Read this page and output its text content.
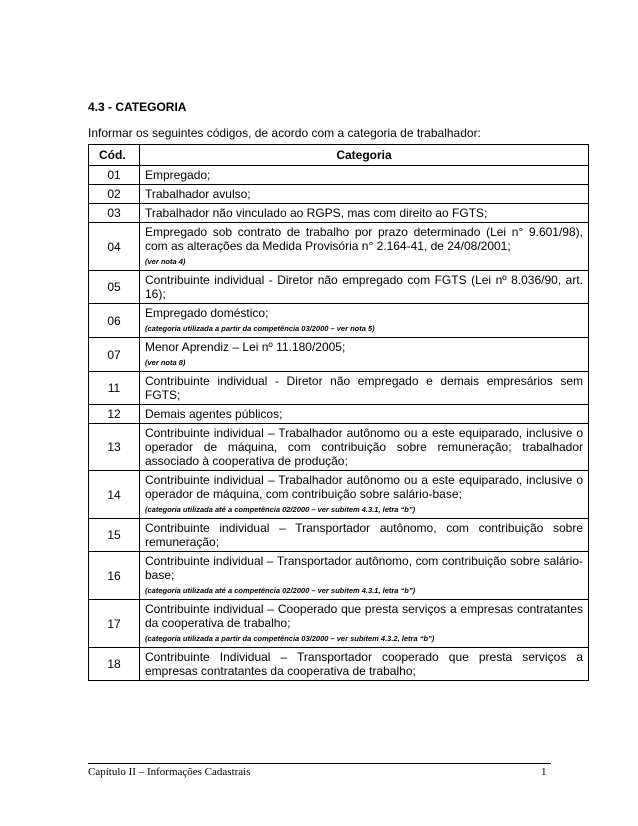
4.3 - CATEGORIA
Informar os seguintes códigos, de acordo com a categoria de trabalhador:
Cód.	Categoria
01	Empregado;
02	Trabalhador avulso;
03	Trabalhador não vinculado ao RGPS, mas com direito ao FGTS;
04	Empregado sob contrato de trabalho por prazo determinado (Lei n° 9.601/98), com as alterações da Medida Provisória n° 2.164-41, de 24/08/2001;
(ver nota 4)

05	Contribuinte individual - Diretor não empregado com FGTS (Lei nº 8.036/90, art. 16);
06	Empregado doméstico;
(categoria utilizada a partir da competência 03/2000 – ver nota 5)

07	Menor Aprendiz – Lei nº 11.180/2005;
(ver nota 8)

11	Contribuinte individual - Diretor não empregado e demais empresários sem FGTS;
12	Demais agentes públicos;
13	Contribuinte individual – Trabalhador autônomo ou a este equiparado, inclusive o operador de máquina, com contribuição sobre remuneração; trabalhador associado à cooperativa de produção;
14	Contribuinte individual – Trabalhador autônomo ou a este equiparado, inclusive o operador de máquina, com contribuição sobre salário-base;
(categoria utilizada até a competência 02/2000 – ver subitem 4.3.1, letra “b”)

15	Contribuinte individual – Transportador autônomo, com contribuição sobre remuneração;
16	Contribuinte individual – Transportador autônomo, com contribuição sobre salário-base;
(categoria utilizada até a competência 02/2000 – ver subitem 4.3.1, letra “b”)

17	Contribuinte individual – Cooperado que presta serviços a empresas contratantes da cooperativa de trabalho;
(categoria utilizada a partir da competência 03/2000 – ver subitem 4.3.2, letra “b”)

18	Contribuinte Individual – Transportador cooperado que presta serviços a empresas contratantes da cooperativa de trabalho;
Capítulo II – Informações Cadastrais	1
